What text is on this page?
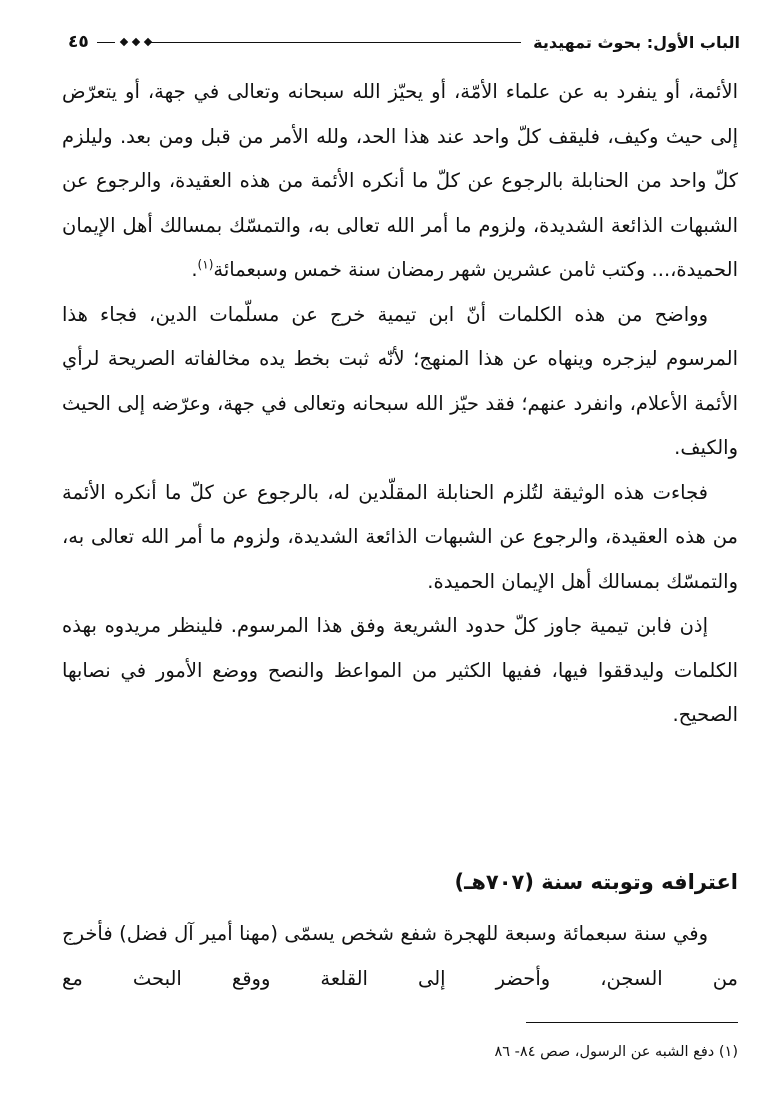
الباب الأول: بحوث تمهيدية
٤٥

الأئمة، أو ينفرد به عن علماء الأمّة، أو يحيّز الله سبحانه وتعالى في جهة، أو يتعرّض إلى حيث وكيف، فليقف كلّ واحد عند هذا الحد، ولله الأمر من قبل ومن بعد. وليلزم كلّ واحد من الحنابلة بالرجوع عن كلّ ما أنكره الأئمة من هذه العقيدة، والرجوع عن الشبهات الذائعة الشديدة، ولزوم ما أمر الله تعالى به، والتمسّك بمسالك أهل الإيمان الحميدة،... وكتب ثامن عشرين شهر رمضان سنة خمس وسبعمائة$^{(١)}$.

وواضح من هذه الكلمات أنّ ابن تيمية خرج عن مسلّمات الدين، فجاء هذا المرسوم ليزجره وينهاه عن هذا المنهج؛ لأنّه ثبت بخط يده مخالفاته الصريحة لرأي الأئمة الأعلام، وانفرد عنهم؛ فقد حيّز الله سبحانه وتعالى في جهة، وعرّضه إلى الحيث والكيف.

فجاءت هذه الوثيقة لتُلزم الحنابلة المقلّدين له، بالرجوع عن كلّ ما أنكره الأئمة من هذه العقيدة، والرجوع عن الشبهات الذائعة الشديدة، ولزوم ما أمر الله تعالى به، والتمسّك بمسالك أهل الإيمان الحميدة.

إذن فابن تيمية جاوز كلّ حدود الشريعة وفق هذا المرسوم. فلينظر مريدوه بهذه الكلمات وليدققوا فيها، ففيها الكثير من المواعظ والنصح ووضع الأمور في نصابها الصحيح.

اعترافه وتوبته سنة (٧٠٧هـ)

وفي سنة سبعمائة وسبعة للهجرة شفع شخص يسمّى (مهنا أمير آل فضل) فأخرج من السجن، وأحضر إلى القلعة ووقع البحث مع

(١) دفع الشبه عن الرسول، صص ٨٤- ٨٦
